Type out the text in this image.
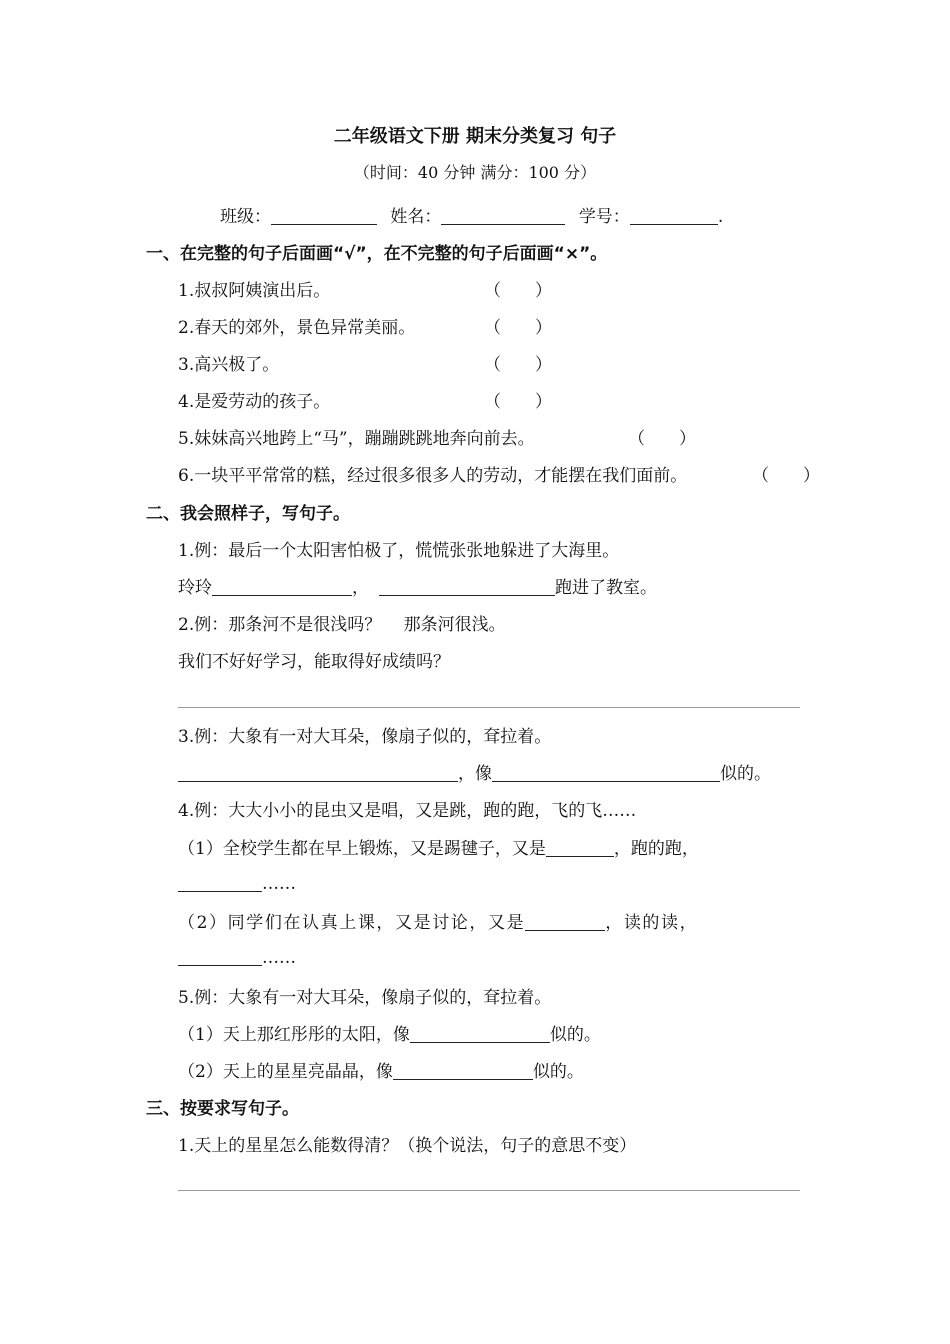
二年级语文下册 期末分类复习 句子
（时间：40 分钟 满分：100 分）
班级：	姓名：	学号：	.
一、在完整的句子后面画“√”，在不完整的句子后面画“×”。
1.叔叔阿姨演出后。	（　　）
2.春天的郊外，景色异常美丽。	（　　）
3.高兴极了。	（　　）
4.是爱劳动的孩子。	（　　）
5.妹妹高兴地跨上“马”，蹦蹦跳跳地奔向前去。	（　　）
6.一块平平常常的糕，经过很多很多人的劳动，才能摆在我们面前。	（　　）
二、我会照样子，写句子。
1.例：最后一个太阳害怕极了，慌慌张张地躲进了大海里。
玲玲	，	跑进了教室。
2.例：那条河不是很浅吗？　 那条河很浅。
我们不好好学习，能取得好成绩吗？
3.例：大象有一对大耳朵，像扇子似的，耷拉着。
，像	似的。
4.例：大大小小的昆虫又是唱，又是跳，跑的跑，飞的飞……
（1）全校学生都在早上锻炼，又是踢毽子，又是	，跑的跑，
……
（2）同学们在认真上课，又是讨论，又是	，读的读，
……
5.例：大象有一对大耳朵，像扇子似的，耷拉着。
（1）天上那红彤彤的太阳，像	似的。
（2）天上的星星亮晶晶，像	似的。
三、按要求写句子。
1.天上的星星怎么能数得清？（换个说法，句子的意思不变）
